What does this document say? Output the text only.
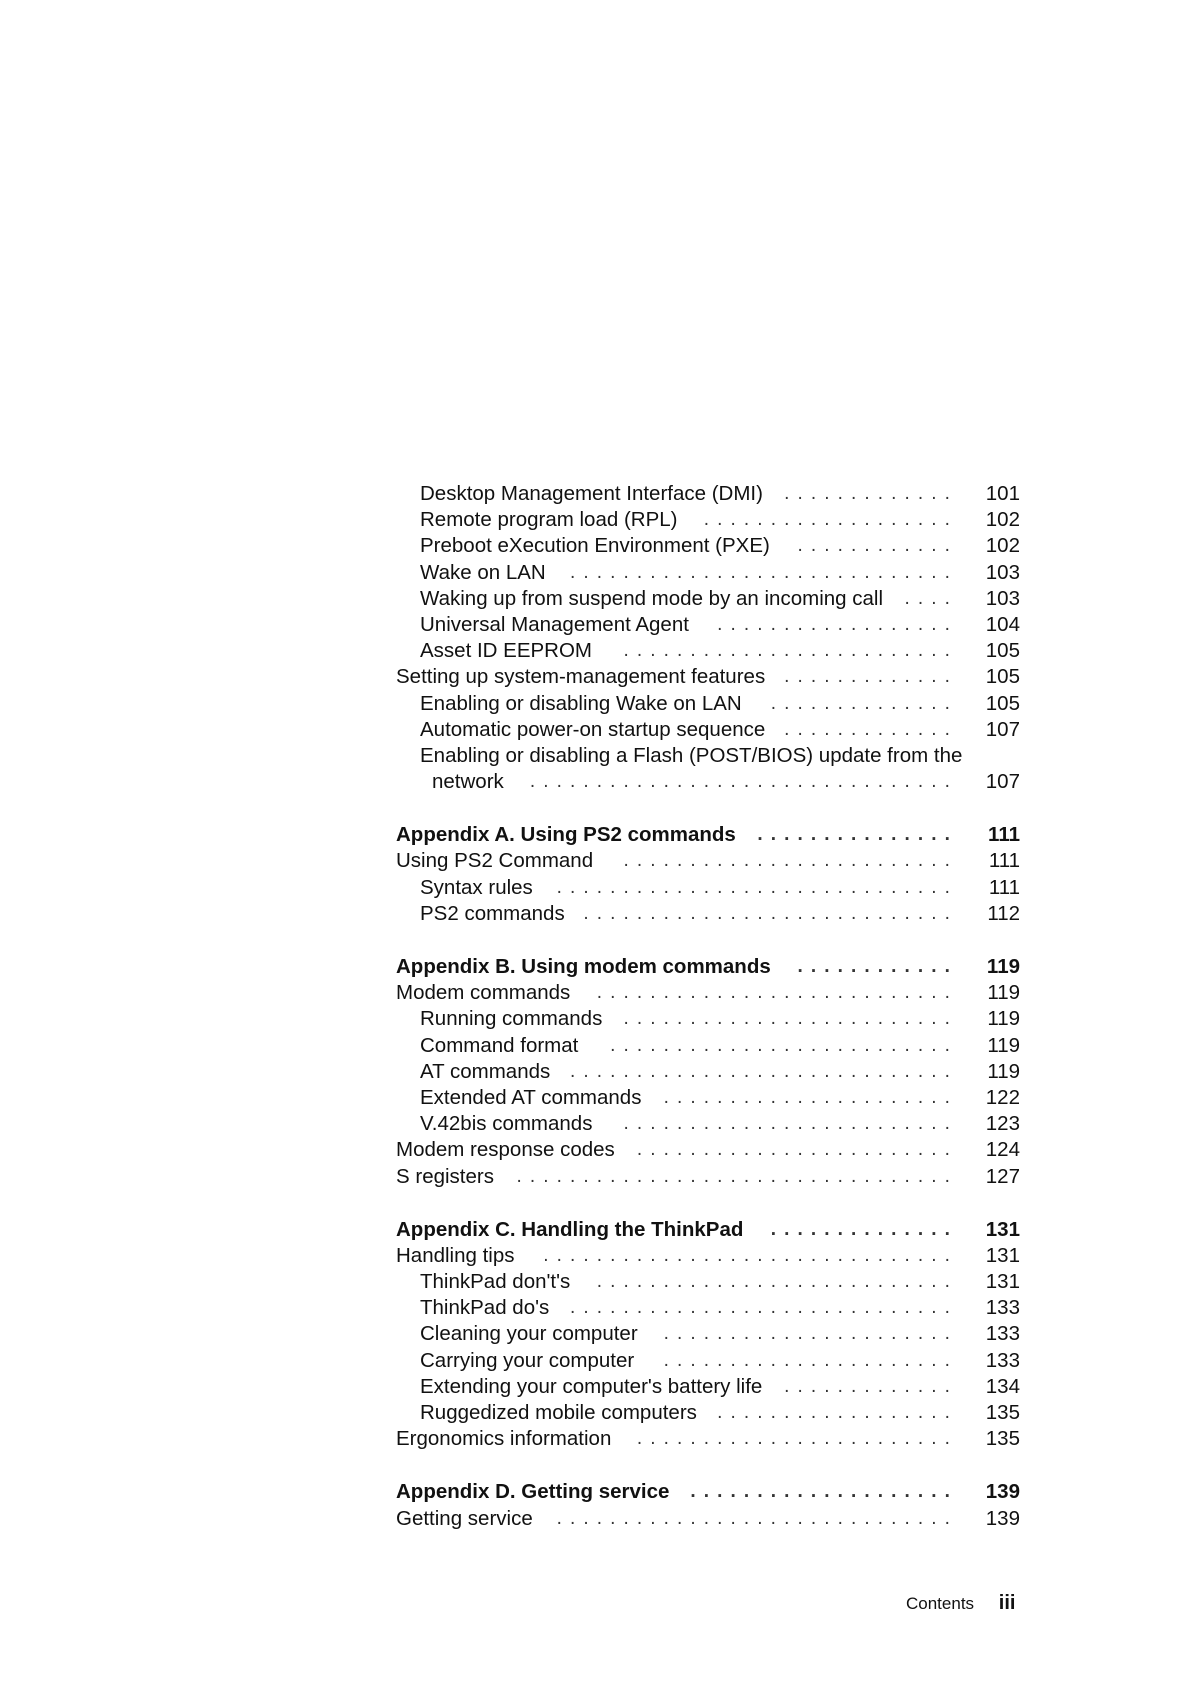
Desktop Management Interface (DMI) .............	101
Remote program load (RPL) ...................	102
Preboot eXecution Environment (PXE) ............	102
Wake on LAN .............................	103
Waking up from suspend mode by an incoming call ....	103
Universal Management Agent ..................	104
Asset ID EEPROM .........................	105
Setting up system-management features .............	105
Enabling or disabling Wake on LAN ..............	105
Automatic power-on startup sequence .............	107
Enabling or disabling a Flash (POST/BIOS) update from the
network ................................	107
Appendix A. Using PS2 commands ...............	111
Using PS2 Command .........................	111
Syntax rules ..............................	111
PS2 commands ............................	112
Appendix B. Using modem commands ............	119
Modem commands ...........................	119
Running commands .........................	119
Command format ..........................	119
AT commands .............................	119
Extended AT commands ......................	122
V.42bis commands .........................	123
Modem response codes ........................	124
S registers .................................	127
Appendix C. Handling the ThinkPad ..............	131
Handling tips ...............................	131
ThinkPad don't's ...........................	131
ThinkPad do's .............................	133
Cleaning your computer ......................	133
Carrying your computer ......................	133
Extending your computer's battery life .............	134
Ruggedized mobile computers ..................	135
Ergonomics information ........................	135
Appendix D. Getting service ....................	139
Getting service ..............................	139
Contents iii
